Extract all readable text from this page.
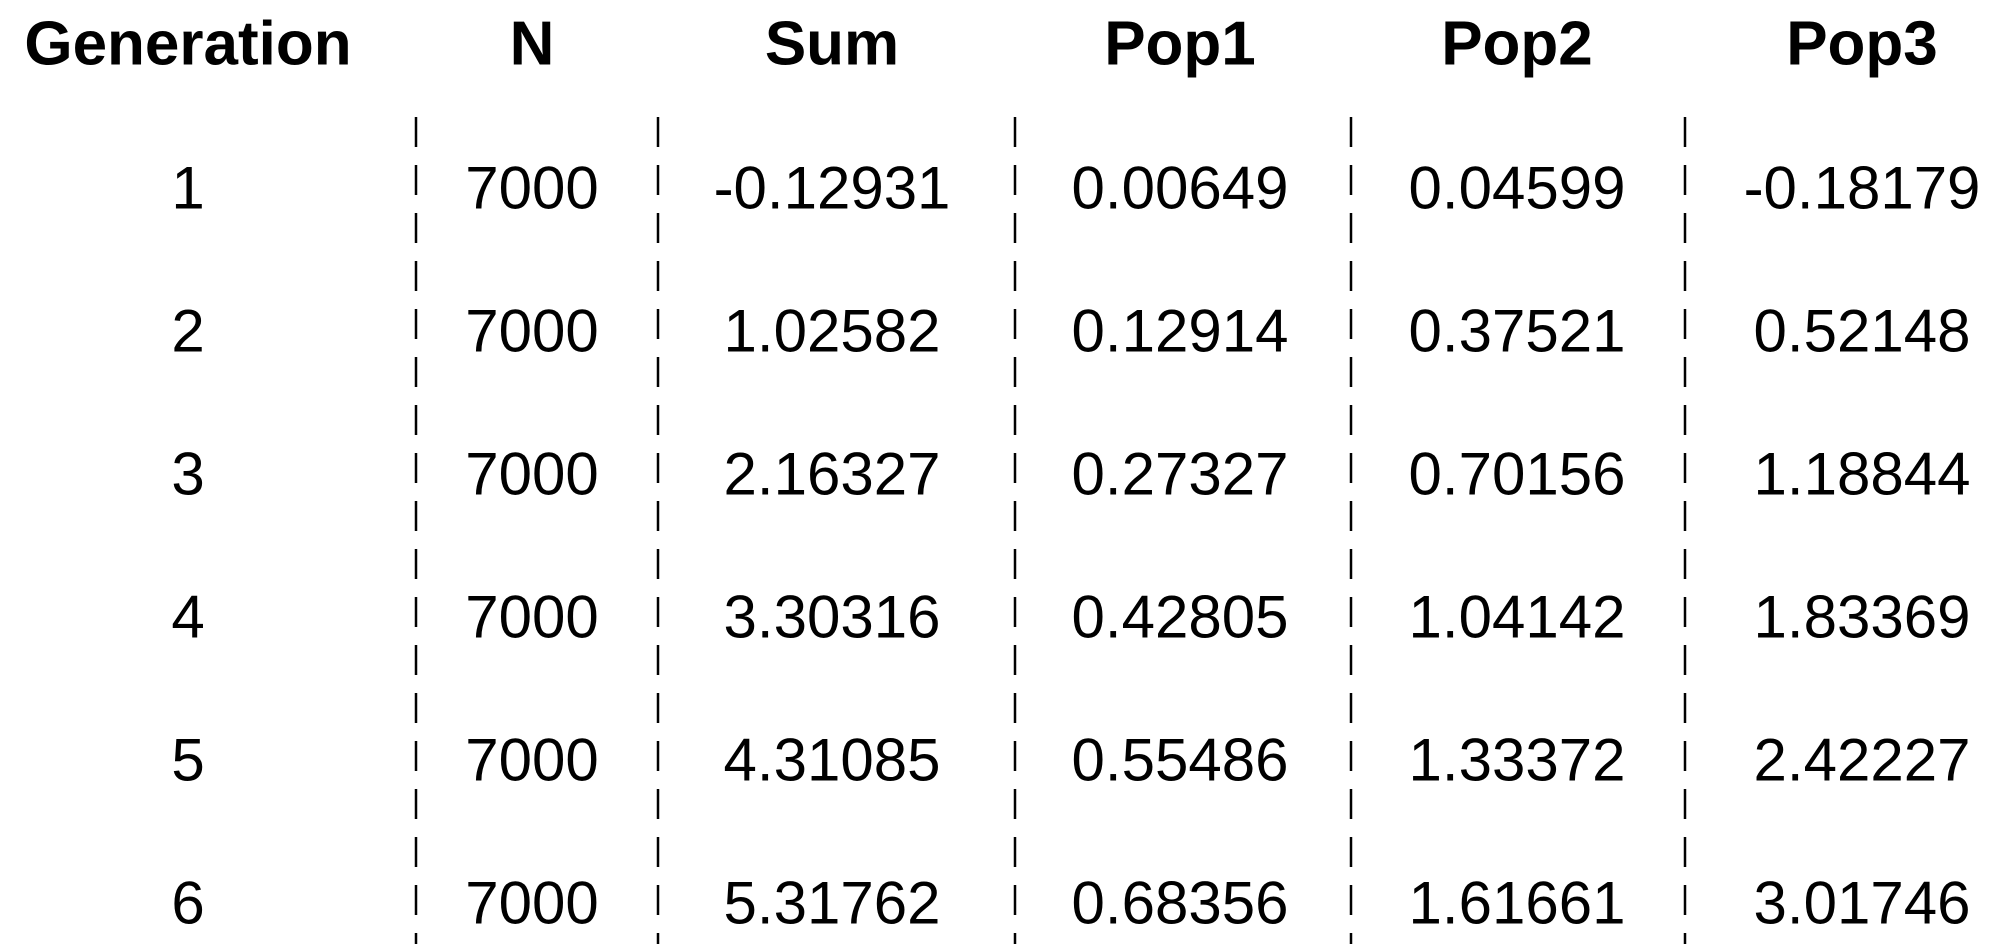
Generation	N	Sum	Pop1	Pop2	Pop3
1	7000 -0.12931 0.00649 0.04599 -0.18179
2	7000 1.02582 0.12914 0.37521 0.52148
3	7000 2.16327 0.27327 0.70156 1.18844
4	7000 3.30316 0.42805 1.04142 1.83369
5	7000 4.31085 0.55486 1.33372 2.42227
6	7000 5.31762 0.68356 1.61661 3.01746
